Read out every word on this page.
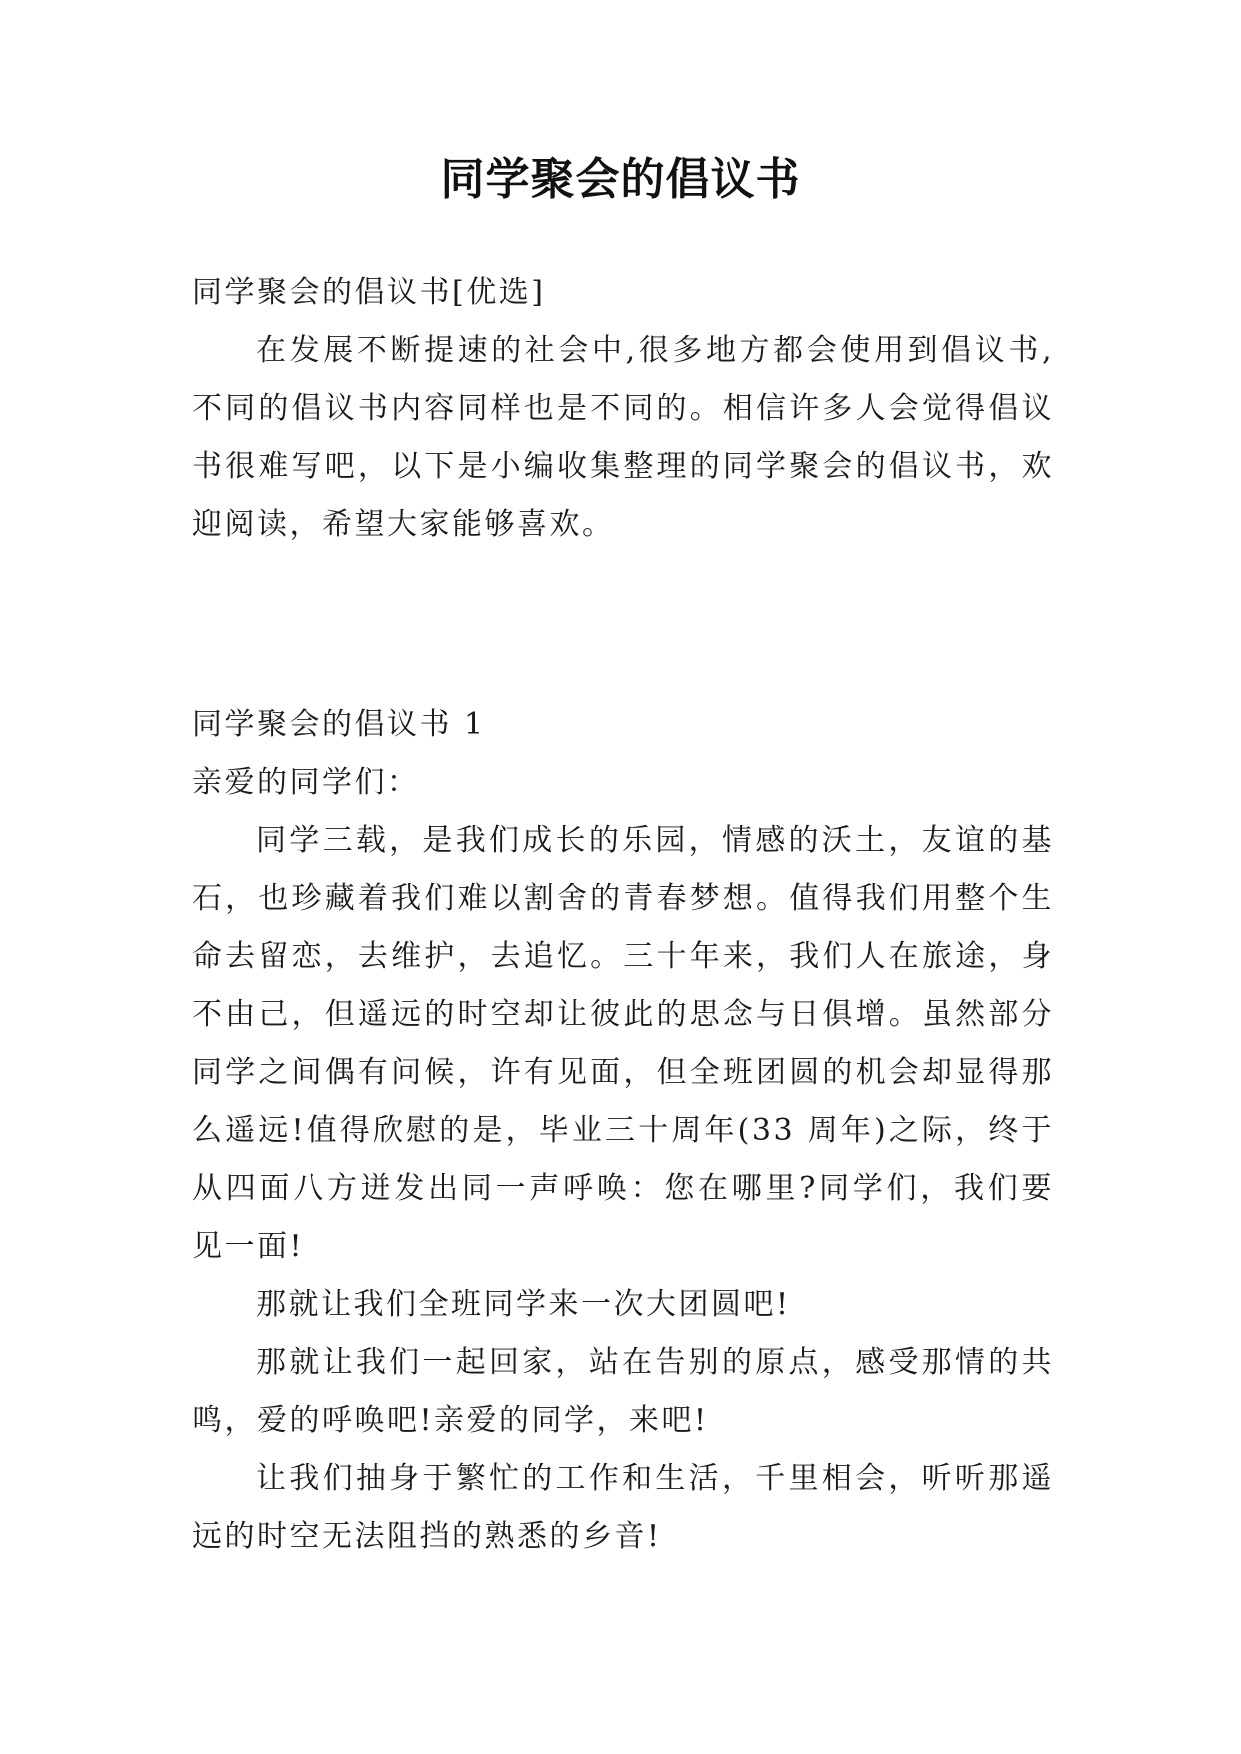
同学聚会的倡议书

同学聚会的倡议书[优选]

在发展不断提速的社会中,很多地方都会使用到倡议书,不同的倡议书内容同样也是不同的。相信许多人会觉得倡议书很难写吧，以下是小编收集整理的同学聚会的倡议书，欢迎阅读，希望大家能够喜欢。

同学聚会的倡议书 1

亲爱的同学们：

同学三载，是我们成长的乐园，情感的沃土，友谊的基石，也珍藏着我们难以割舍的青春梦想。值得我们用整个生命去留恋，去维护，去追忆。三十年来，我们人在旅途，身不由己，但遥远的时空却让彼此的思念与日俱增。虽然部分同学之间偶有问候，许有见面，但全班团圆的机会却显得那么遥远!值得欣慰的是，毕业三十周年(33 周年)之际，终于从四面八方迸发出同一声呼唤：您在哪里?同学们，我们要见一面!

那就让我们全班同学来一次大团圆吧!

那就让我们一起回家，站在告别的原点，感受那情的共鸣，爱的呼唤吧!亲爱的同学，来吧!

让我们抽身于繁忙的工作和生活，千里相会，听听那遥远的时空无法阻挡的熟悉的乡音!
